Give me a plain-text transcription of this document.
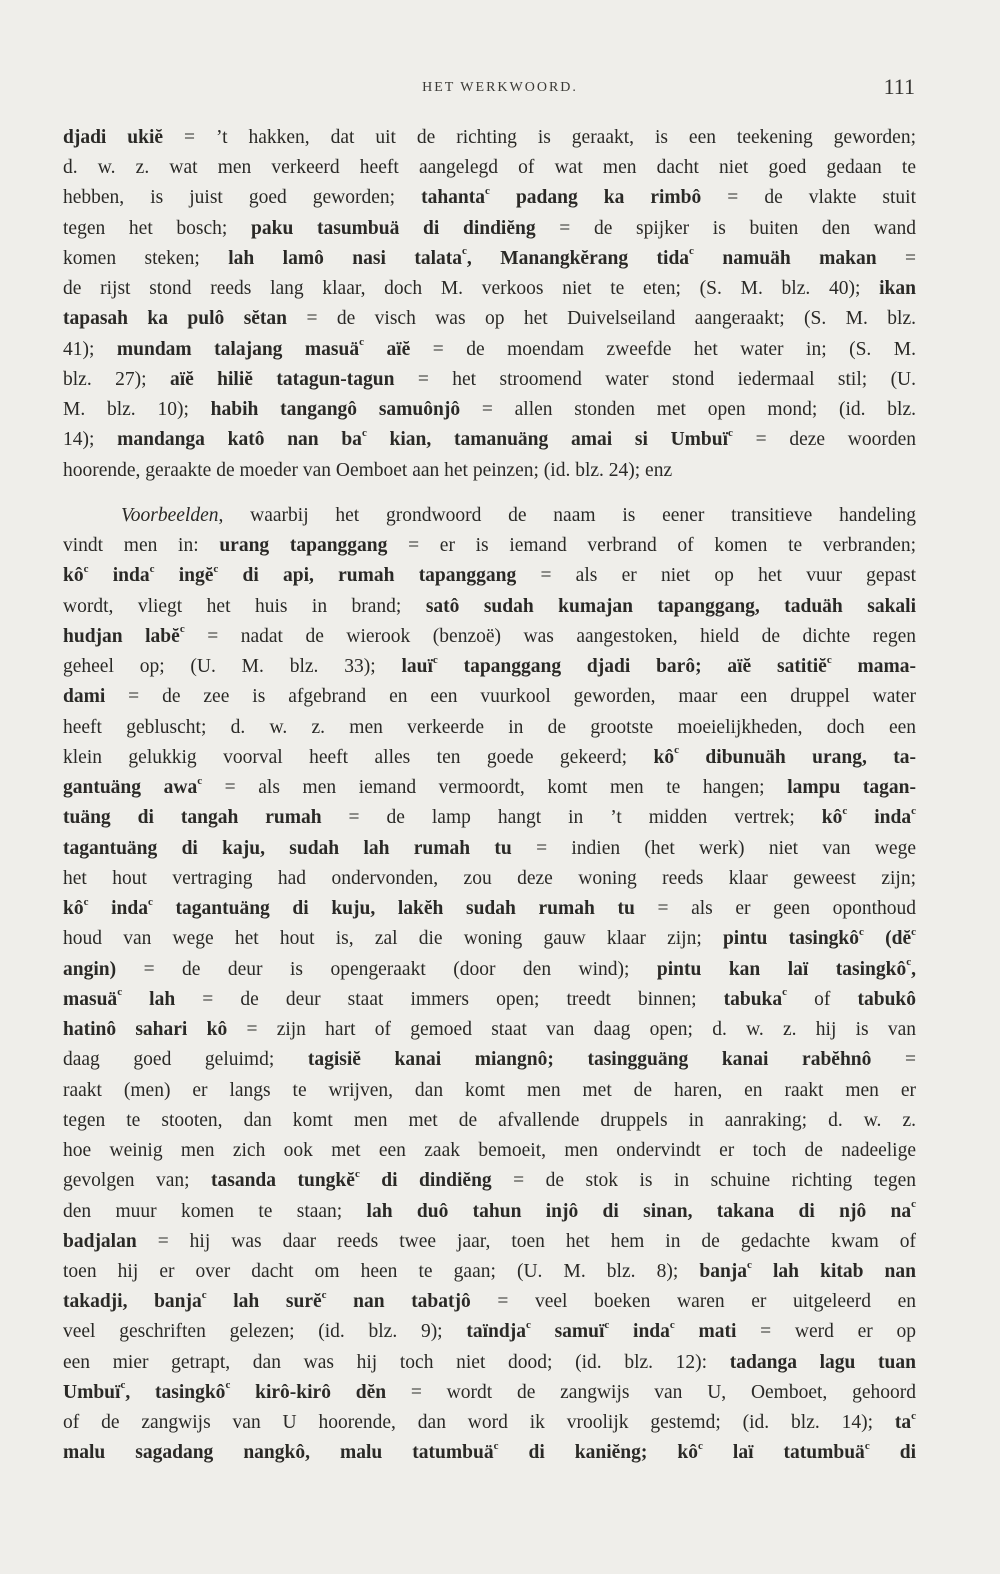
HET WERKWOORD.	111
djadi ukiĕ = ’t hakken, dat uit de richting is geraakt, is een teekening geworden;
d. w. z. wat men verkeerd heeft aangelegd of wat men dacht niet goed gedaan te
hebben, is juist goed geworden; tahanta$^c$ padang ka rimbô = de vlakte stuit
tegen het bosch; paku tasumbuä di dindiĕng = de spijker is buiten den wand
komen steken; lah lamô nasi talata$^c$, Manangkĕrang tida$^c$ namuäh makan =
de rijst stond reeds lang klaar, doch M. verkoos niet te eten; (S. M. blz. 40); ikan
tapasah ka pulô sĕtan = de visch was op het Duivelseiland aangeraakt; (S. M. blz.
41); mundam talajang masuä$^c$ aïĕ = de moendam zweefde het water in; (S. M.
blz. 27); aïĕ hiliĕ tatagun-tagun = het stroomend water stond iedermaal stil; (U.
M. blz. 10); habih tangangô samuônjô = allen stonden met open mond; (id. blz.
14); mandanga katô nan $ba^c$ kian, tamanuäng amai si Umbuï$^c$ = deze woorden
hoorende, geraakte de moeder van Oemboet aan het peinzen; (id. blz. 24); enz
Voorbeelden, waarbij het grondwoord de naam is eener transitieve handeling
vindt men in: urang tapanggang = er is iemand verbrand of komen te verbranden;
$kô^c$ inda$^c$ ingĕ$^c$ di api, rumah tapanggang = als er niet op het vuur gepast
wordt, vliegt het huis in brand; satô sudah kumajan tapanggang, taduäh sakali
hudjan labĕ$^c$ = nadat de wierook (benzoë) was aangestoken, hield de dichte regen
geheel op; (U. M. blz. 33); lauï$^c$ tapanggang djadi barô; aïĕ satitiĕ$^c$ mama-
dami = de zee is afgebrand en een vuurkool geworden, maar een druppel water
heeft gebluscht; d. w. z. men verkeerde in de grootste moeielijkheden, doch een
klein gelukkig voorval heeft alles ten goede gekeerd; $kô^c$ dibunuäh urang, ta-
gantuäng awa$^c$ = als men iemand vermoordt, komt men te hangen; lampu tagan-
tuäng di tangah rumah = de lamp hangt in ’t midden vertrek; $kô^c$ inda$^c$
tagantuäng di kaju, sudah lah rumah tu = indien (het werk) niet van wege
het hout vertraging had ondervonden, zou deze woning reeds klaar geweest zijn;
$kô^c$ inda$^c$ tagantuäng di kuju, lakĕh sudah rumah tu = als er geen oponthoud
houd van wege het hout is, zal die woning gauw klaar zijn; pintu tasingkô$^c$ ($dĕ^c$
angin) = de deur is opengeraakt (door den wind); pintu kan laï tasingkô$^c$,
masuä$^c$ lah = de deur staat immers open; treedt binnen; tabuka$^c$ of tabukô
hatinô sahari kô = zijn hart of gemoed staat van daag open; d. w. z. hij is van
daag goed geluimd; tagisiĕ kanai miangnô; tasingguäng kanai rabĕhnô =
raakt (men) er langs te wrijven, dan komt men met de haren, en raakt men er
tegen te stooten, dan komt men met de afvallende druppels in aanraking; d. w. z.
hoe weinig men zich ook met een zaak bemoeit, men ondervindt er toch de nadeelige
gevolgen van; tasanda tungkĕ$^c$ di dindiĕng = de stok is in schuine richting tegen
den muur komen te staan; lah duô tahun injô di sinan, takana di njô $na^c$
badjalan = hij was daar reeds twee jaar, toen het hem in de gedachte kwam of
toen hij er over dacht om heen te gaan; (U. M. blz. 8); banja$^c$ lah kitab nan
takadji, banja$^c$ lah surĕ$^c$ nan tabatjô = veel boeken waren er uitgeleerd en
veel geschriften gelezen; (id. blz. 9); taïndja$^c$ samuï$^c$ inda$^c$ mati = werd er op
een mier getrapt, dan was hij toch niet dood; (id. blz. 12): tadanga lagu tuan
Umbuï$^c$, tasingkô$^c$ kirô-kirô dĕn = wordt de zangwijs van U, Oemboet, gehoord
of de zangwijs van U hoorende, dan word ik vroolijk gestemd; (id. blz. 14); $ta^c$
malu sagadang nangkô, malu tatumbuä$^c$ di kaniĕng; $kô^c$ laï tatumbuä$^c$ di
